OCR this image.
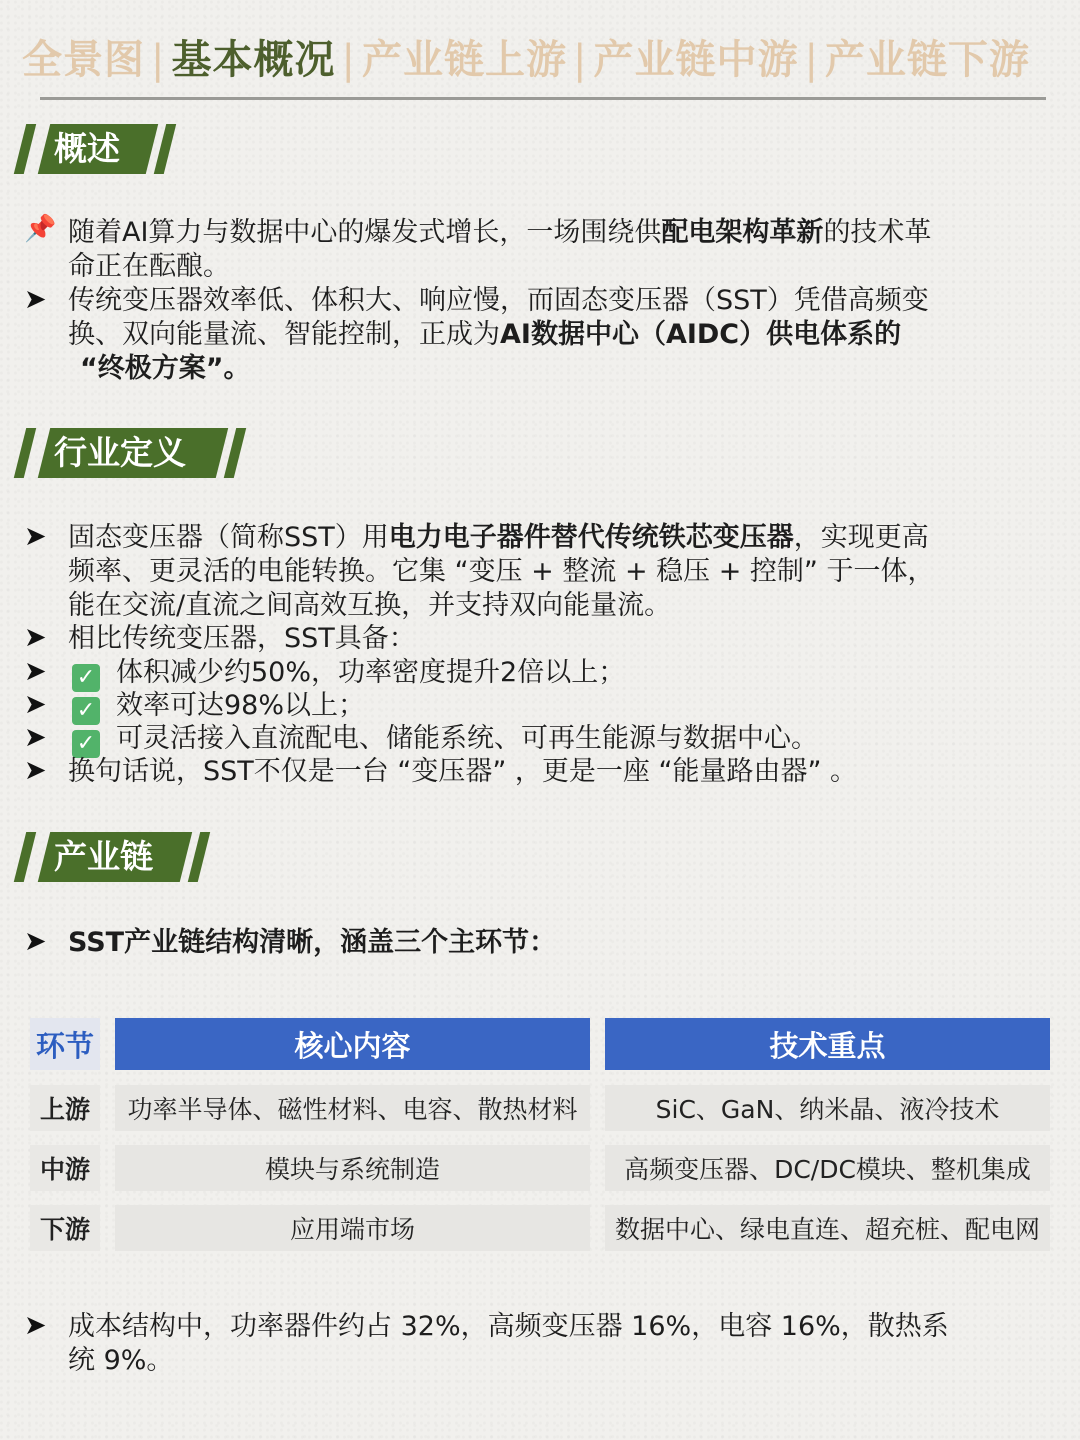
全景图 | 基本概况 | 产业链上游 | 产业链中游 | 产业链下游
概述
📌 随着AI算力与数据中心的爆发式增长，一场围绕供配电架构革新的技术革
命正在酝酿。
➤ 传统变压器效率低、体积大、响应慢，而固态变压器（SST）凭借高频变
换、双向能量流、智能控制，正成为AI数据中心（AIDC）供电体系的
“终极方案”。
行业定义
➤ 固态变压器（简称SST）用电力电子器件替代传统铁芯变压器，实现更高
频率、更灵活的电能转换。它集 “变压 + 整流 + 稳压 + 控制” 于一体，
能在交流/直流之间高效互换，并支持双向能量流。
➤ 相比传统变压器，SST具备：
➤	✓ 体积减少约50%，功率密度提升2倍以上；
➤	✓ 效率可达98%以上；
➤	✓ 可灵活接入直流配电、储能系统、可再生能源与数据中心。
➤ 换句话说，SST不仅是一台 “变压器” ，更是一座 “能量路由器” 。
产业链
➤ SST产业链结构清晰，涵盖三个主环节：
环节	核心内容	技术重点
上游	功率半导体、磁性材料、电容、散热材料	SiC、GaN、纳米晶、液冷技术
中游	模块与系统制造	高频变压器、DC/DC模块、整机集成
下游	应用端市场	数据中心、绿电直连、超充桩、配电网
➤ 成本结构中，功率器件约占 32%，高频变压器 16%，电容 16%，散热系
统 9%。
